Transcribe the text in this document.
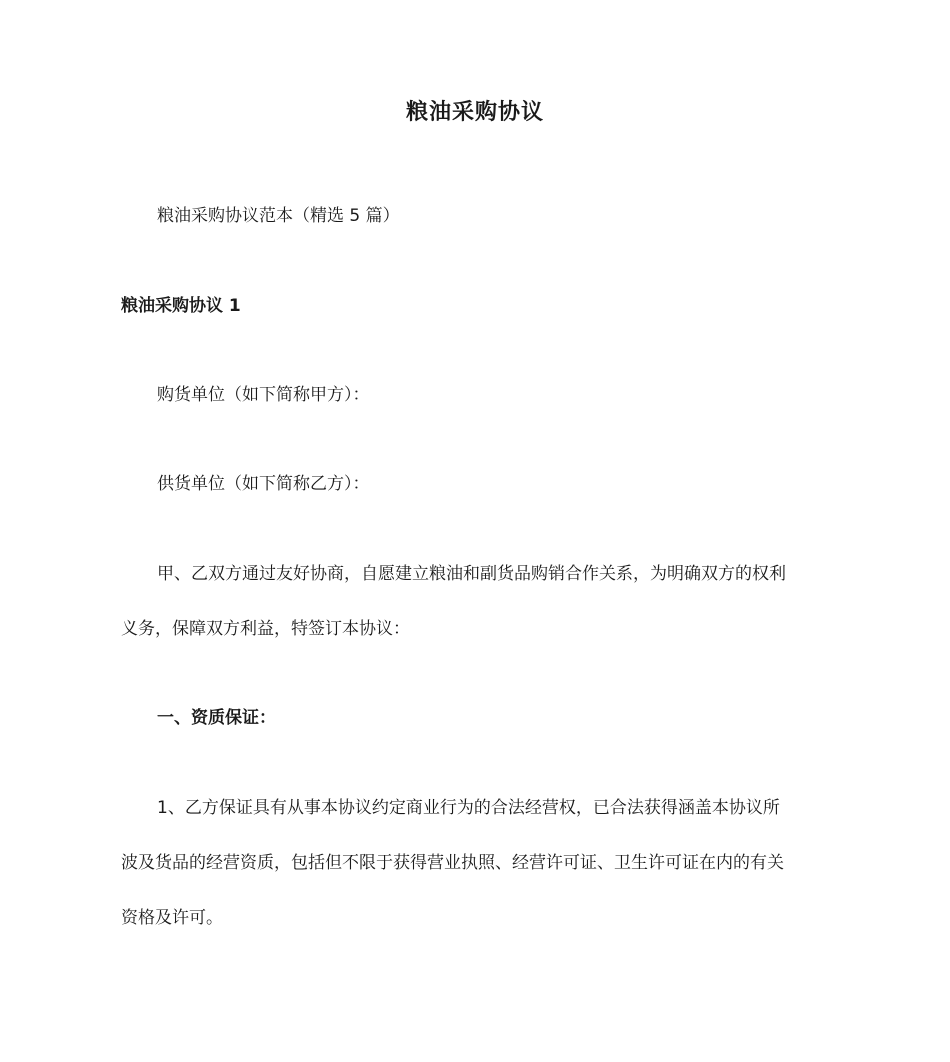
粮油采购协议
粮油采购协议范本（精选 5 篇）
粮油采购协议 1
购货单位（如下简称甲方）：
供货单位（如下简称乙方）：
甲、乙双方通过友好协商，自愿建立粮油和副货品购销合作关系，为明确双方的权利
义务，保障双方利益，特签订本协议：
一、资质保证：
1、乙方保证具有从事本协议约定商业行为的合法经营权，已合法获得涵盖本协议所
波及货品的经营资质，包括但不限于获得营业执照、经营许可证、卫生许可证在内的有关
资格及许可。
